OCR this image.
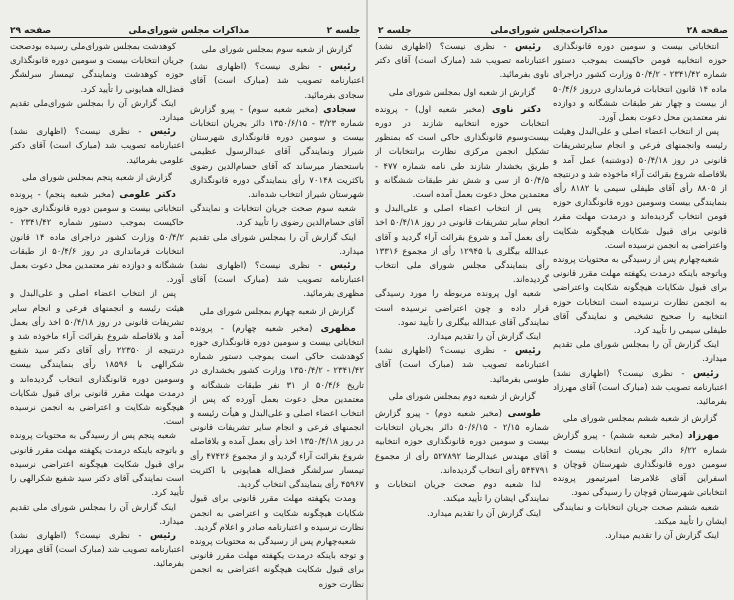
جلسه ۲
مذاکرات مجلس شورای‌ملی
صفحه ۲۹

گزارش از شعبه سوم بمجلس شورای ملی

رئیس - نظری نیست؟ (اظهاری نشد) اعتبارنامه تصویب شد (مبارک است) آقای سجادی بفرمائید.

سجادی (مخبر شعبه سوم) - پیرو گزارش شماره ۳/۲۳ - ۱۳۵۰/۶/۱۵ دائر بجریان انتخابات بیست و سومین دوره قانونگذاری شهرستان شیراز ونمایندگی آقای عبدالرسول عظیمی باستحضار میرساند که آقای حسام‌الدین رضوی باکثریت ۷۰۱۴۸ رأی بنمایندگی دوره قانونگذاری شهرستان شیراز انتخاب شده‌اند.

شعبه سوم صحت جریان انتخابات و نمایندگی آقای حسام‌الدین رضوی را تأیید کرد.

اینک گزارش آن را بمجلس شورای ملی تقدیم میدارد.

رئیس - نظری نیست؟ (اظهاری نشد) اعتبارنامه تصویب شد (مبارک است) آقای مظهری بفرمائید.

گزارش از شعبه چهارم بمجلس شورای ملی

مظهری (مخبر شعبه چهارم) - پرونده انتخاباتی بیست و سومین دوره قانونگذاری حوزه کوهدشت حاکی است بموجب دستور شماره ۲۳۴۱/۴۲ - ۱۳۵۰/۴/۲ وزارت کشور بخشداری در تاریخ ۵۰/۴/۶ از ۳۱ نفر طبقات ششگانه و معتمدین محل دعوت بعمل آورده که پس از انتخاب اعضاء اصلی و علی‌البدل و هیأت رئیسه و انجمنهای فرعی و انجام سایر تشریفات قانونی در روز ۱۳۵۰/۴/۱۸ اخذ رأی بعمل آمده و بلافاصله شروع بقرائت آراء گردید و از مجموع ۴۷۴۲۶ رأی تیمسار سرلشگر فضل‌اله همایونی با اکثریت ۴۵۹۶۷ رأی بنمایندگی انتخاب گردید.

ومدت یکهفته مهلت مقرر قانونی برای قبول شکایات هیچگونه شکایت و اعتراضی به انجمن نظارت نرسیده و اعتبارنامه صادر و اعلام گردید.

شعبه‌چهارم پس از رسیدگی به محتویات پرونده و توجه باینکه درمدت یکهفته مهلت مقرر قانونی برای قبول شکایت هیچگونه اعتراضی به انجمن نظارت حوزه

کوهدشت بمجلس شورای‌ملی رسیده بودصحت جریان انتخابات بیست و سومین دوره قانونگذاری حوزه کوهدشت ونمایندگی تیمسار سرلشگر فضل‌اله همایونی را تأیید کرد.

اینک گزارش آن را بمجلس شورای‌ملی تقدیم میدارد.

رئیس - نظری نیست؟ (اظهاری نشد) اعتبارنامه تصویب شد (مبارک است) آقای دکتر علومی بفرمائید.

گزارش از شعبه پنجم بمجلس شورای ملی

دکتر علومی (مخبر شعبه پنجم) - پرونده انتخاباتی بیست و سومین دوره قانونگذاری حوزه حاکیست بموجب دستور شماره ۲۳۴۱/۴۲ - ۵۰/۴/۲ وزارت کشور دراجرای ماده ۱۴ قانون انتخابات فرمانداری در روز ۵۰/۴/۶ از طبقات ششگانه و دوازده نفر معتمدین محل دعوت بعمل آورد.

پس از انتخاب اعضاء اصلی و علی‌البدل و هیئت رئیسه و انجمنهای فرعی و انجام سایر تشریفات قانونی در روز ۵۰/۴/۱۸ اخذ رأی بعمل آمد و بلافاصله شروع بقرائت آراء ماخوذه شد و درنتیجه از ۲۲۳۵۰ رأی آقای دکتر سید شفیع شکرالهی با ۱۸۵۹۶ رأی بنمایندگی بیست وسومین دوره قانونگذاری انتخاب گردیده‌اند و درمدت مهلت مقرر قانونی برای قبول شکایات هیچگونه شکایت و اعتراضی به انجمن نرسیده است.

شعبه پنجم پس از رسیدگی به محتویات پرونده و باتوجه باینکه درمدت یکهفته مهلت مقرر قانونی برای قبول شکایت هیچگونه اعتراضی نرسیده است نمایندگی آقای دکتر سید شفیع شکرالهی را تأیید کرد.

اینک گزارش آن را بمجلس شورای ملی تقدیم میدارد.

رئیس - نظری نیست؟ (اظهاری نشد) اعتبارنامه تصویب شد (مبارک است) آقای مهرزاد بفرمائید.

صفحه ۲۸
مذاکرات‌مجلس شورای‌ملی
جلسه ۲

انتخاباتی بیست و سومین دوره قانونگذاری حوزه انتخابیه فومن حاکیست بموجب دستور شماره ۲۳۴۱/۴۲ - ۵۰/۴/۲ وزارت کشور دراجرای ماده ۱۴ قانون انتخابات فرمانداری درروز ۵۰/۴/۶ از بیست و چهار نفر طبقات ششگانه و دوازده نفر معتمدین محل دعوت بعمل آورد.

پس از انتخاب اعضاء اصلی و علی‌البدل وهیئت رئیسه وانجمنهای فرعی و انجام سایرتشریفات قانونی در روز ۵۰/۴/۱۸ (دوشنبه) عمل آمد و بلافاصله شروع بقرائت آراء ماخوذه شد و درنتیجه از ۸۸۰۵ رأی آقای طیفلی سیمی با ۸۱۸۲ رأی بنمایندگی بیست وسومین دوره قانونگذاری حوزه فومن انتخاب گردیده‌اند و درمدت مهلت مقرر قانونی برای قبول شکایات هیچگونه شکایت واعتراضی به انجمن نرسیده است.

شعبه‌چهارم پس از رسیدگی به محتویات پرونده وباتوجه باینکه درمدت یکهفته مهلت مقرر قانونی برای قبول شکایات هیچگونه شکایت واعتراضی به انجمن نظارت نرسیده است انتخابات حوزه انتخابیه را صحیح تشخیص و نمایندگی آقای طیفلی سیمی را تأیید کرد.

اینک گزارش آن را بمجلس شورای ملی تقدیم میدارد.

رئیس - نظری نیست؟ (اظهاری نشد) اعتبارنامه تصویب شد (مبارک است) آقای مهرزاد بفرمائید.

گزارش از شعبه ششم بمجلس شورای ملی

مهرزاد (مخبر شعبه ششم) - پیرو گزارش شماره ۶/۲۲ دائر بجریان انتخابات بیست و سومین دوره قانونگذاری شهرستان قوچان و اسفراین آقای غلامرضا امیرتیمور پرونده انتخاباتی شهرستان قوچان را رسیدگی نمود.

شعبه ششم صحت جریان انتخابات و نمایندگی ایشان را تأیید میکند.

اینک گزارش آن را تقدیم میدارد.

رئیس - نظری نیست؟ (اظهاری نشد) اعتبارنامه تصویب شد (مبارک است) آقای دکتر ناوی بفرمائید.

گزارش از شعبه اول بمجلس شورای ملی

دکتر ناوی (مخبر شعبه اول) - پرونده انتخابات حوزه انتخابیه شازند در دوره بیست‌وسوم قانونگذاری حاکی است که بمنظور تشکیل انجمن مرکزی نظارت برانتخابات از طریق بخشدار شازند طی نامه شماره ۴۷۷ - ۵۰/۴/۵ از سی و شش نفر طبقات ششگانه و معتمدین محل دعوت بعمل آمده است.

پس از انتخاب اعضاء اصلی و علی‌البدل و انجام سایر تشریفات قانونی در روز ۵۰/۴/۱۸ اخذ رأی بعمل آمد و شروع بقرائت آراء گردید و آقای عبدالله بیگلری با ۱۲۹۴۵ رأی از مجموع ۱۳۳۱۶ رأی بنمایندگی مجلس شورای ملی انتخاب گردیده‌اند.

شعبه اول پرونده مربوطه را مورد رسیدگی قرار داده و چون اعتراضی نرسیده است نمایندگی آقای عبدالله بیگلری را تأیید نمود.

اینک گزارش آن را تقدیم میدارد.

رئیس - نظری نیست؟ (اظهاری نشد) اعتبارنامه تصویب شد (مبارک است) آقای طوسی بفرمائید.

گزارش از شعبه دوم بمجلس شورای ملی

طوسی (مخبر شعبه دوم) - پیرو گزارش شماره ۲/۱۵ - ۵۰/۶/۱۵ دائر بجریان انتخابات بیست و سومین دوره قانونگذاری حوزه انتخابیه آقای مهندس عبدالرضا ۵۲۷۸۹۲ رأی از مجموع ۵۴۴۷۹۱ رأی انتخاب گردیده‌اند.

لذا شعبه دوم صحت جریان انتخابات و نمایندگی ایشان را تأیید میکند.

اینک گزارش آن را تقدیم میدارد.
